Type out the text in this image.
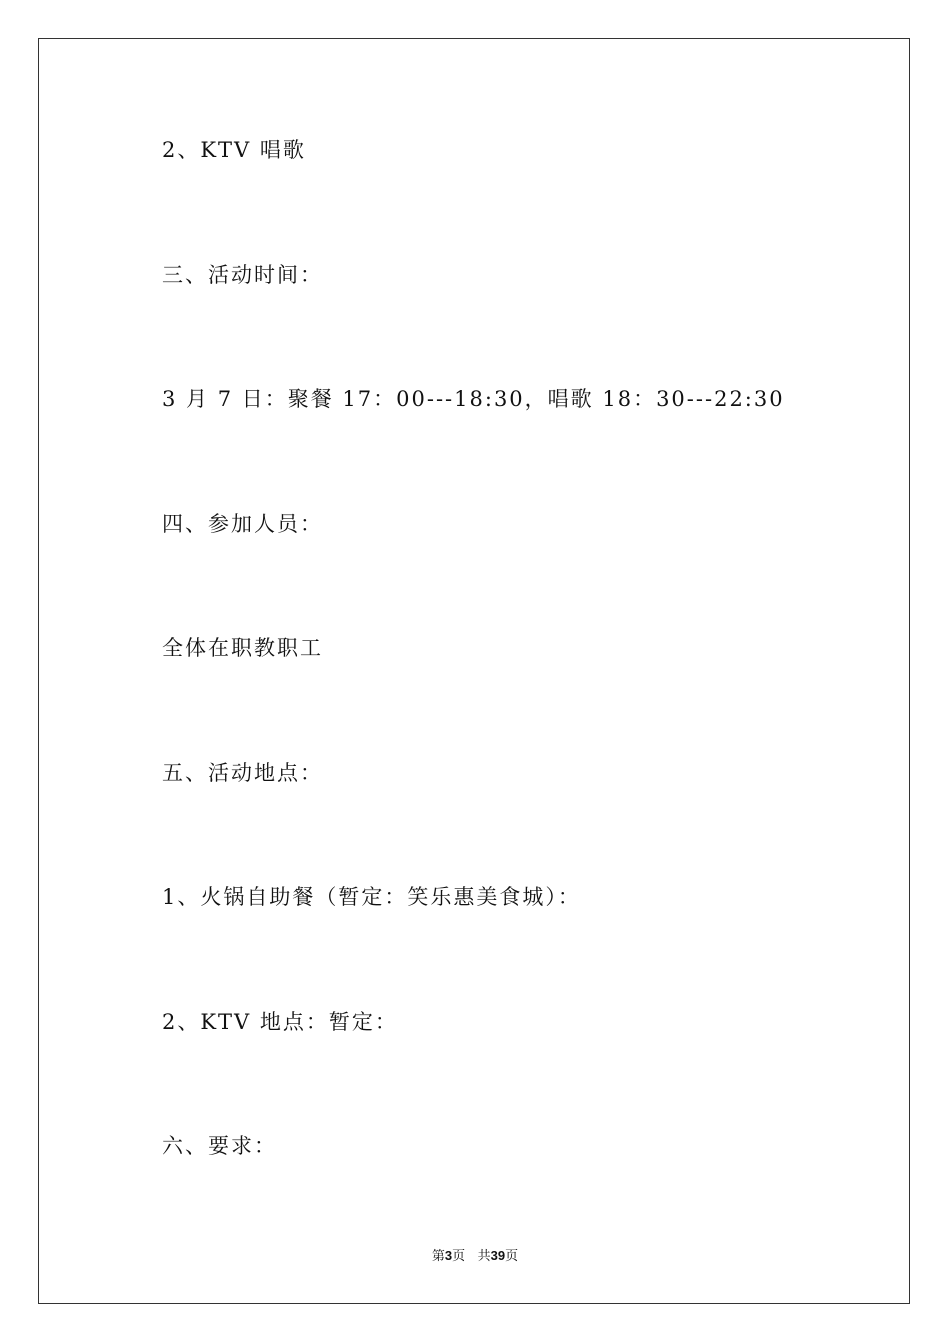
2、KTV 唱歌
三、活动时间：
3 月 7 日：聚餐 17：00---18:30，唱歌 18：30---22:30
四、参加人员：
全体在职教职工
五、活动地点：
1、火锅自助餐（暂定：笑乐惠美食城）：
2、KTV 地点：暂定：
六、要求：
第3页 共39页
